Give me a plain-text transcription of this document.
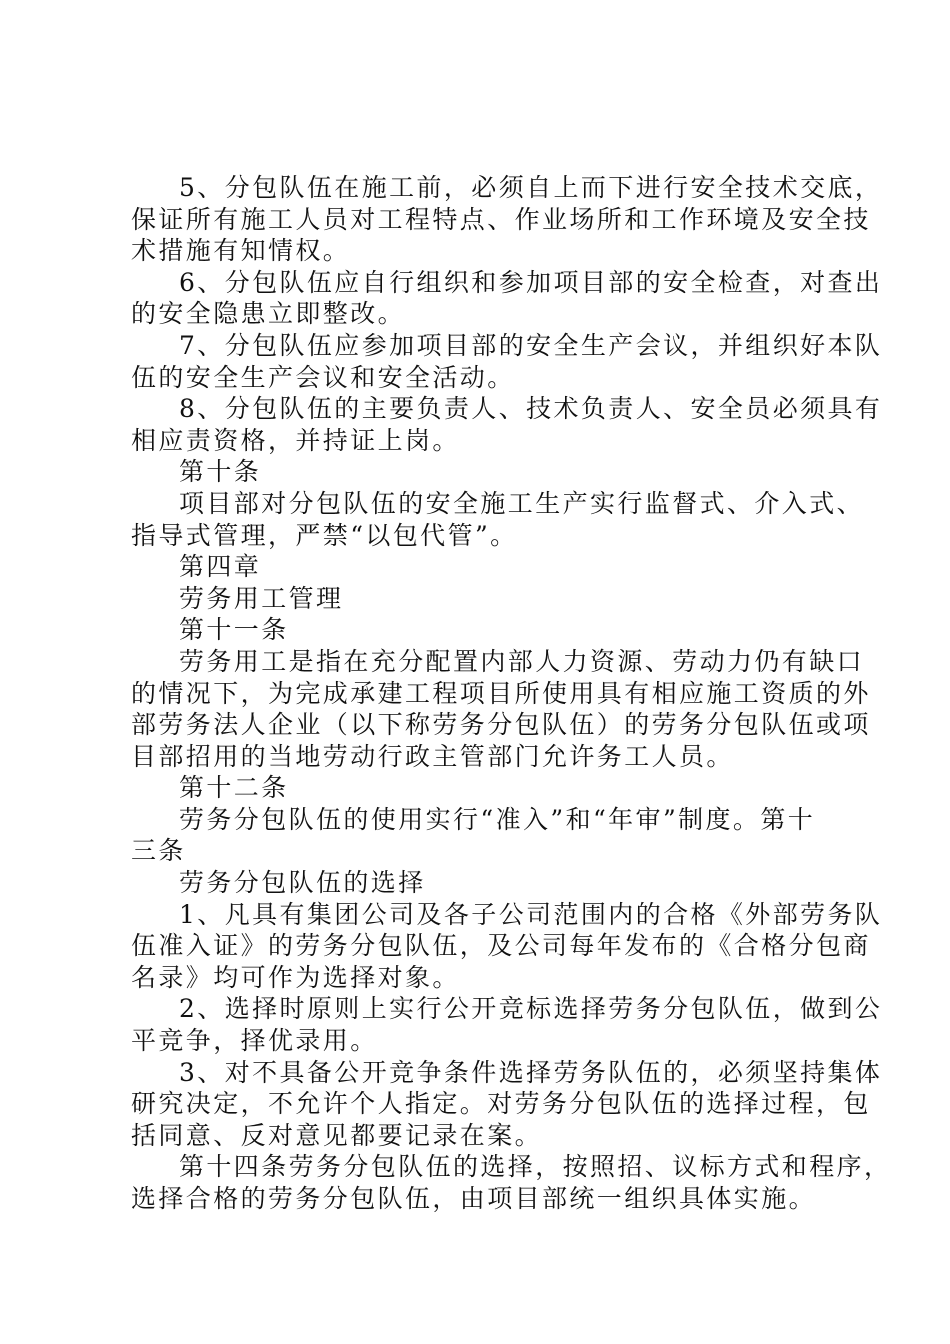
5、分包队伍在施工前，必须自上而下进行安全技术交底，
保证所有施工人员对工程特点、作业场所和工作环境及安全技
术措施有知情权。
6、分包队伍应自行组织和参加项目部的安全检查，对查出
的安全隐患立即整改。
7、分包队伍应参加项目部的安全生产会议，并组织好本队
伍的安全生产会议和安全活动。
8、分包队伍的主要负责人、技术负责人、安全员必须具有
相应责资格，并持证上岗。
第十条
项目部对分包队伍的安全施工生产实行监督式、介入式、
指导式管理，严禁“以包代管”。
第四章
劳务用工管理
第十一条
劳务用工是指在充分配置内部人力资源、劳动力仍有缺口
的情况下，为完成承建工程项目所使用具有相应施工资质的外
部劳务法人企业（以下称劳务分包队伍）的劳务分包队伍或项
目部招用的当地劳动行政主管部门允许务工人员。
第十二条
劳务分包队伍的使用实行“准入”和“年审”制度。第十
三条
劳务分包队伍的选择
1、凡具有集团公司及各子公司范围内的合格《外部劳务队
伍准入证》的劳务分包队伍，及公司每年发布的《合格分包商
名录》均可作为选择对象。
2、选择时原则上实行公开竞标选择劳务分包队伍，做到公
平竞争，择优录用。
3、对不具备公开竞争条件选择劳务队伍的，必须坚持集体
研究决定，不允许个人指定。对劳务分包队伍的选择过程，包
括同意、反对意见都要记录在案。
第十四条劳务分包队伍的选择，按照招、议标方式和程序，
选择合格的劳务分包队伍，由项目部统一组织具体实施。
